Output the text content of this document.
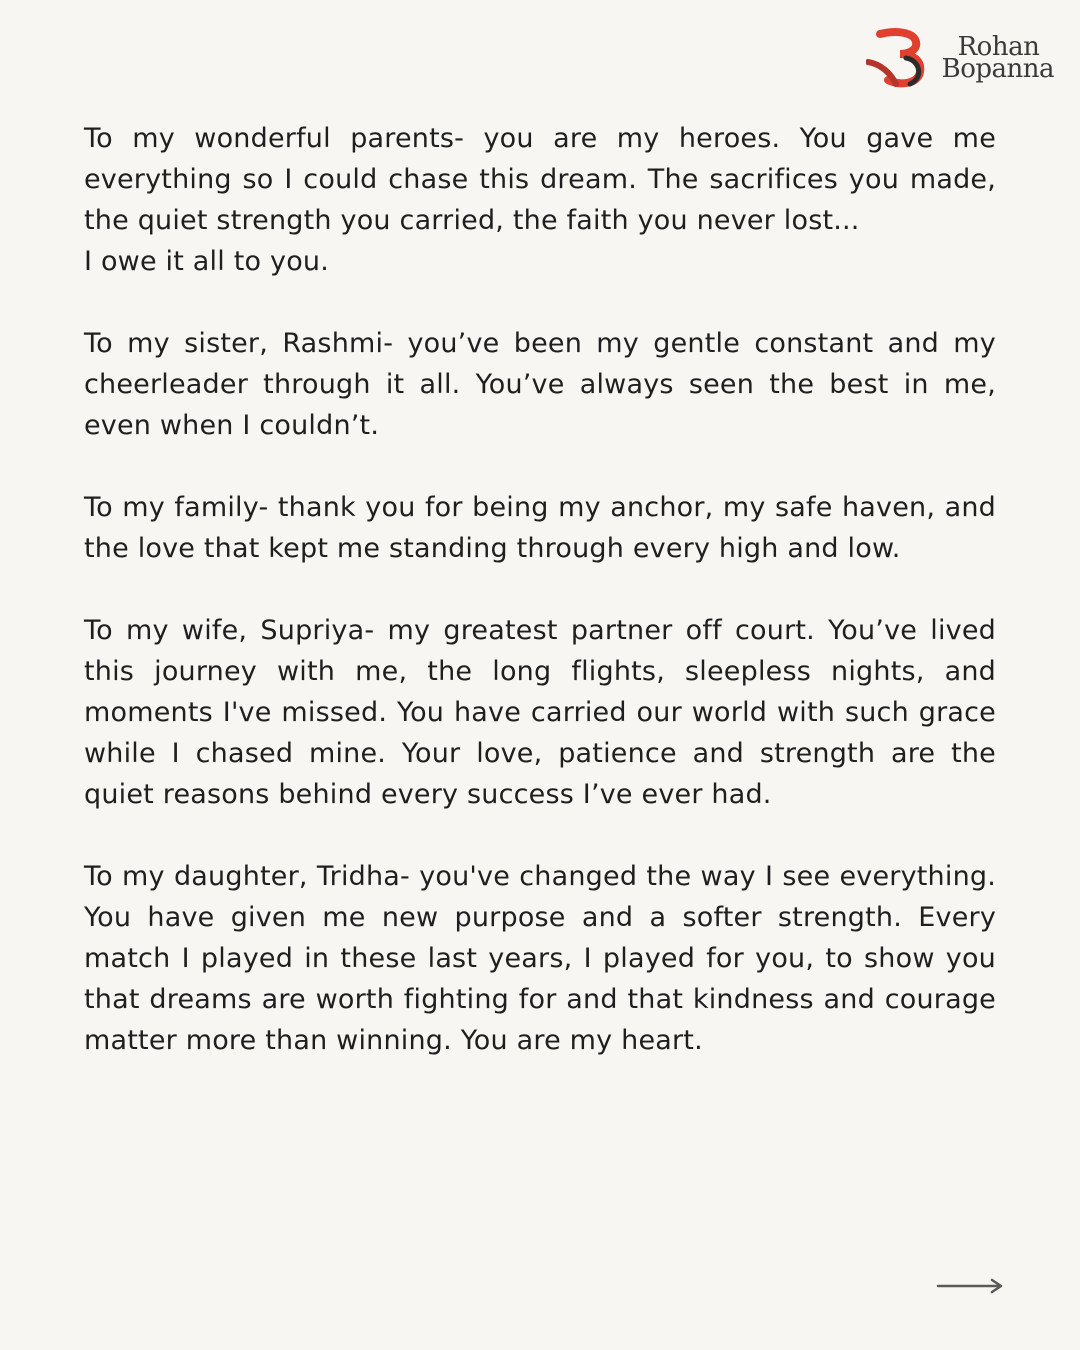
Rohan
Bopanna

To my wonderful parents- you are my heroes. You gave me everything so I could chase this dream. The sacrifices you made, the quiet strength you carried, the faith you never lost...
I owe it all to you.

To my sister, Rashmi- you’ve been my gentle constant and my cheerleader through it all. You’ve always seen the best in me, even when I couldn’t.

To my family- thank you for being my anchor, my safe haven, and the love that kept me standing through every high and low.

To my wife, Supriya- my greatest partner off court. You’ve lived this journey with me, the long flights, sleepless nights, and moments I've missed. You have carried our world with such grace while I chased mine. Your love, patience and strength are the quiet reasons behind every success I’ve ever had.

To my daughter, Tridha- you've changed the way I see everything. You have given me new purpose and a softer strength. Every match I played in these last years, I played for you, to show you that dreams are worth fighting for and that kindness and courage matter more than winning. You are my heart.
